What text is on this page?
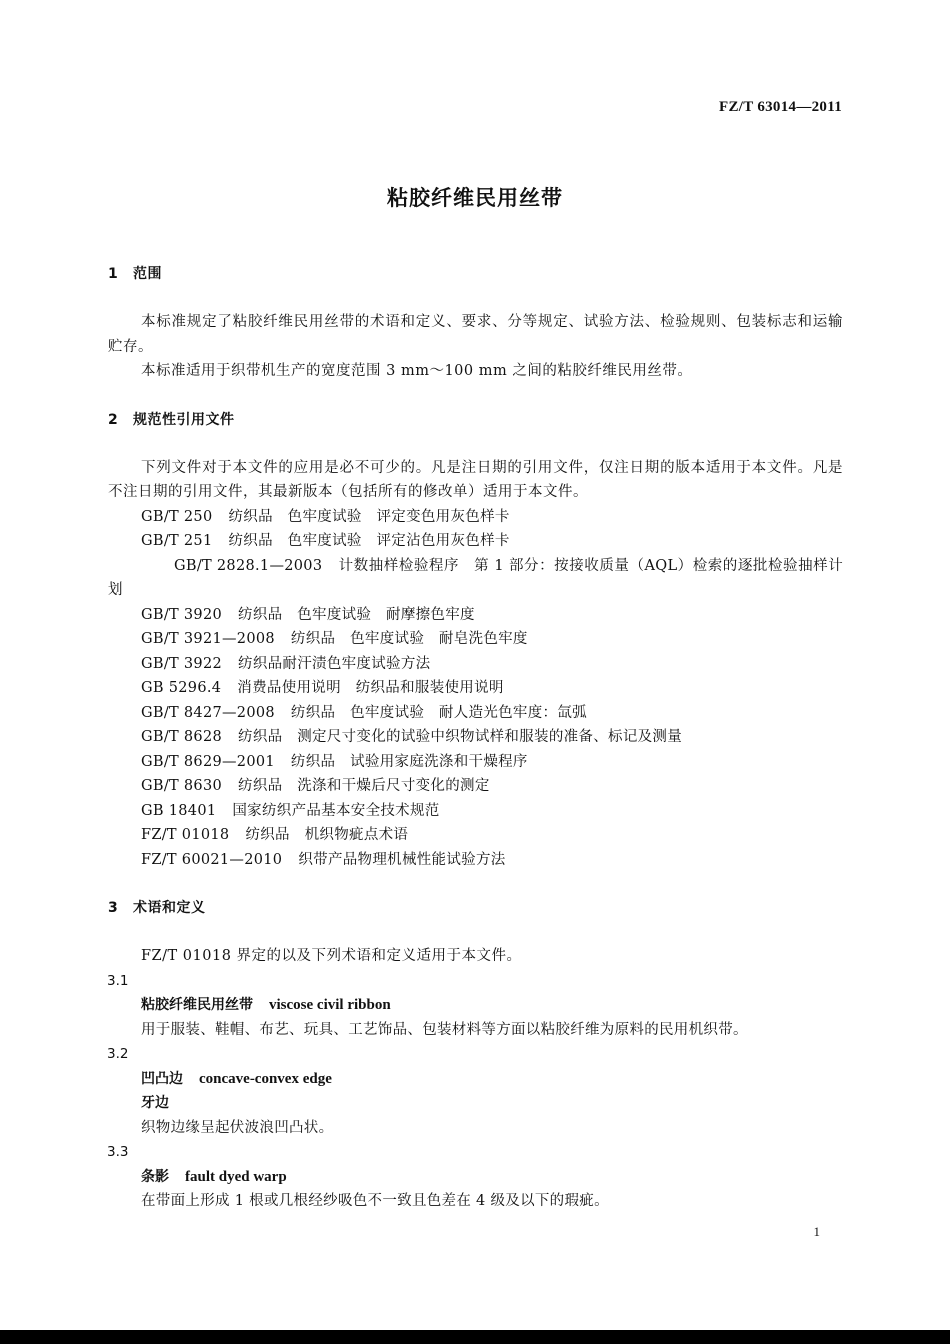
FZ/T 63014—2011
粘胶纤维民用丝带
1 范围
本标准规定了粘胶纤维民用丝带的术语和定义、要求、分等规定、试验方法、检验规则、包装标志和运输贮存。
本标准适用于织带机生产的宽度范围 3 mm～100 mm 之间的粘胶纤维民用丝带。
2 规范性引用文件
下列文件对于本文件的应用是必不可少的。凡是注日期的引用文件，仅注日期的版本适用于本文件。凡是不注日期的引用文件，其最新版本（包括所有的修改单）适用于本文件。
GB/T 250 纺织品　色牢度试验　评定变色用灰色样卡
GB/T 251 纺织品　色牢度试验　评定沾色用灰色样卡
GB/T 2828.1—2003 计数抽样检验程序　第 1 部分：按接收质量（AQL）检索的逐批检验抽样计划
GB/T 3920 纺织品　色牢度试验　耐摩擦色牢度
GB/T 3921—2008 纺织品　色牢度试验　耐皂洗色牢度
GB/T 3922 纺织品耐汗渍色牢度试验方法
GB 5296.4 消费品使用说明　纺织品和服装使用说明
GB/T 8427—2008 纺织品　色牢度试验　耐人造光色牢度：氙弧
GB/T 8628 纺织品　测定尺寸变化的试验中织物试样和服装的准备、标记及测量
GB/T 8629—2001 纺织品　试验用家庭洗涤和干燥程序
GB/T 8630 纺织品　洗涤和干燥后尺寸变化的测定
GB 18401 国家纺织产品基本安全技术规范
FZ/T 01018 纺织品　机织物疵点术语
FZ/T 60021—2010 织带产品物理机械性能试验方法
3 术语和定义
FZ/T 01018 界定的以及下列术语和定义适用于本文件。
3.1
粘胶纤维民用丝带 viscose civil ribbon
用于服装、鞋帽、布艺、玩具、工艺饰品、包装材料等方面以粘胶纤维为原料的民用机织带。
3.2
凹凸边 concave-convex edge
牙边
织物边缘呈起伏波浪凹凸状。
3.3
条影 fault dyed warp
在带面上形成 1 根或几根经纱吸色不一致且色差在 4 级及以下的瑕疵。
1
